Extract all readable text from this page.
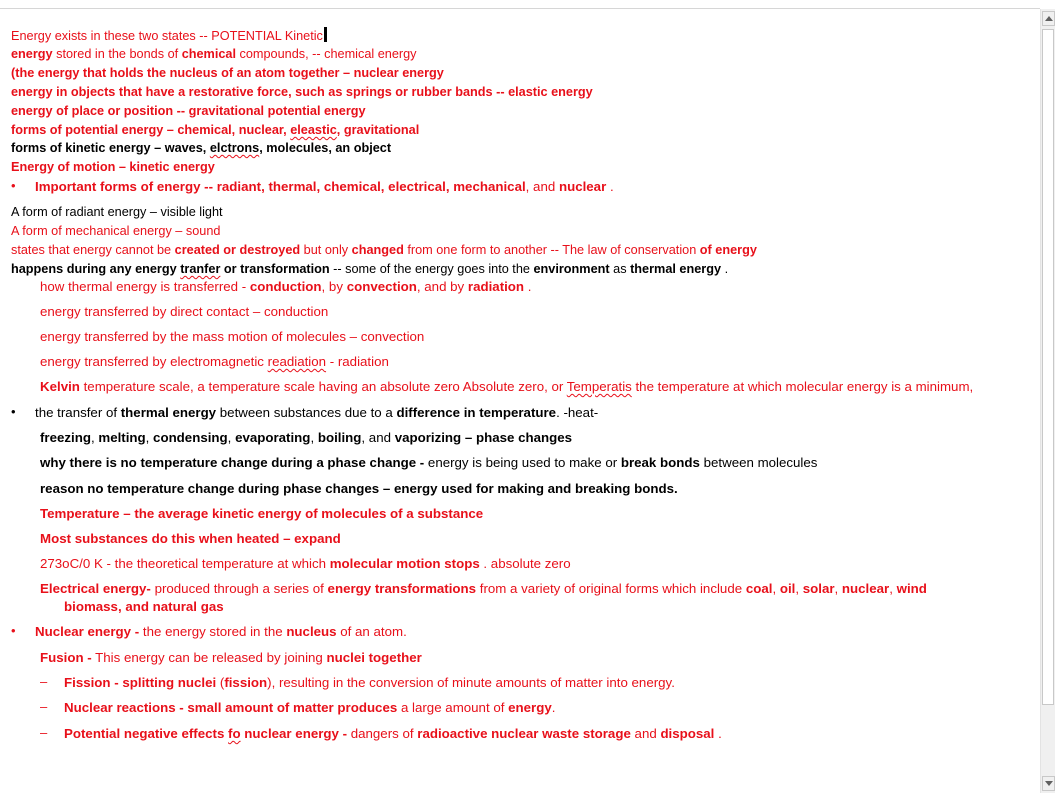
Energy exists in these two states -- POTENTIAL Kinetic
energy stored in the bonds of chemical compounds, -- chemical energy
(the energy that holds the nucleus of an atom together – nuclear energy
energy in objects that have a restorative force, such as springs or rubber bands -- elastic energy
energy of place or position -- gravitational potential energy
forms of potential energy – chemical, nuclear, eleastic, gravitational
forms of kinetic energy – waves, elctrons, molecules, an object
Energy of motion – kinetic energy
• Important forms of energy -- radiant, thermal, chemical, electrical, mechanical, and nuclear .
A form of radiant energy – visible light
A form of mechanical energy – sound
states that energy cannot be created or destroyed but only changed from one form to another -- The law of conservation of energy
happens during any energy tranfer or transformation -- some of the energy goes into the environment as thermal energy .
how thermal energy is transferred - conduction, by convection, and by radiation .
energy transferred by direct contact – conduction
energy transferred by the mass motion of molecules – convection
energy transferred by electromagnetic readiation - radiation
Kelvin temperature scale, a temperature scale having an absolute zero Absolute zero, or Temperatis the temperature at which molecular energy is a minimum,
• the transfer of thermal energy between substances due to a difference in temperature. -heat-
freezing, melting, condensing, evaporating, boiling, and vaporizing – phase changes
why there is no temperature change during a phase change - energy is being used to make or break bonds between molecules
reason no temperature change during phase changes – energy used for making and breaking bonds.
Temperature – the average kinetic energy of molecules of a substance
Most substances do this when heated – expand
273oC/0 K - the theoretical temperature at which molecular motion stops . absolute zero
Electrical energy- produced through a series of energy transformations from a variety of original forms which include coal, oil, solar, nuclear, wind
biomass, and natural gas
• Nuclear energy - the energy stored in the nucleus of an atom.
Fusion - This energy can be released by joining nuclei together
– Fission - splitting nuclei (fission), resulting in the conversion of minute amounts of matter into energy.
– Nuclear reactions - small amount of matter produces a large amount of energy.
– Potential negative effects fo nuclear energy - dangers of radioactive nuclear waste storage and disposal .
